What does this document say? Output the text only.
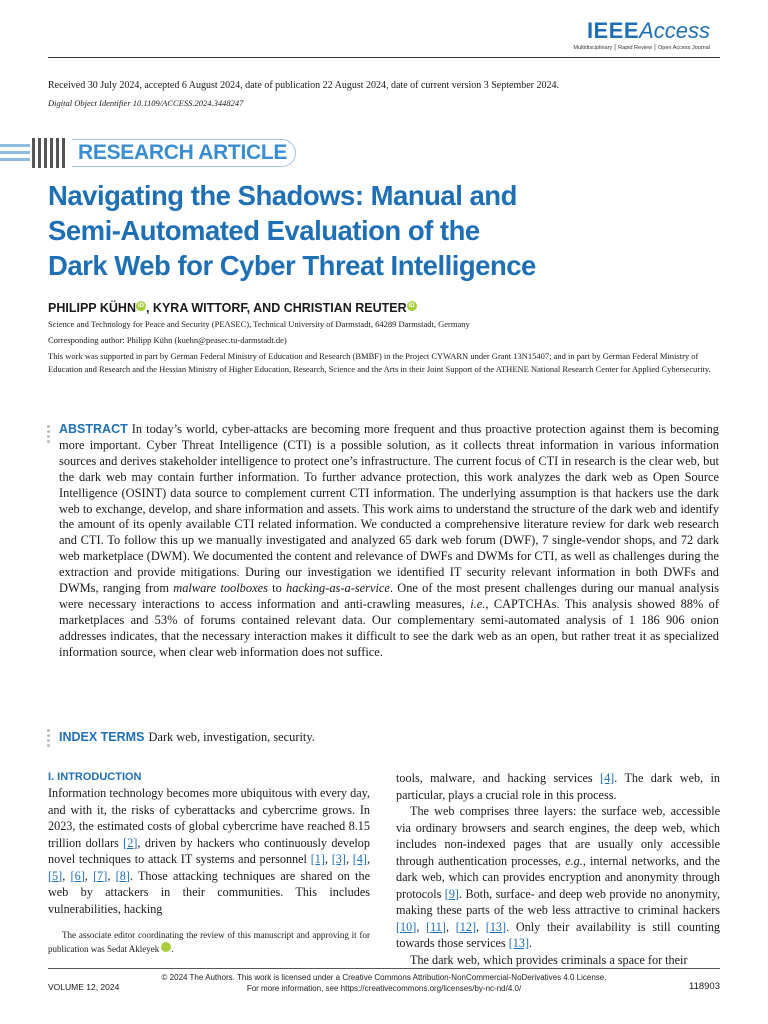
IEEEAccess
Multidisciplinary ⎮ Rapid Review ⎮ Open Access Journal
Received 30 July 2024, accepted 6 August 2024, date of publication 22 August 2024, date of current version 3 September 2024.
Digital Object Identifier 10.1109/ACCESS.2024.3448247
RESEARCH ARTICLE
Navigating the Shadows: Manual and
Semi-Automated Evaluation of the
Dark Web for Cyber Threat Intelligence
PHILIPP KÜHN iD , KYRA WITTORF, AND CHRISTIAN REUTER iD
Science and Technology for Peace and Security (PEASEC), Technical University of Darmstadt, 64289 Darmstadt, Germany
Corresponding author: Philipp Kühn (kuehn@peasec.tu-darmstadt.de)
This work was supported in part by German Federal Ministry of Education and Research (BMBF) in the Project CYWARN under Grant 13N15407; and in part by German Federal Ministry of Education and Research and the Hessian Ministry of Higher Education, Research, Science and the Arts in their Joint Support of the ATHENE National Research Center for Applied Cybersecurity.

ABSTRACT In today’s world, cyber-attacks are becoming more frequent and thus proactive protection against them is becoming more important. Cyber Threat Intelligence (CTI) is a possible solution, as it collects threat information in various information sources and derives stakeholder intelligence to protect one’s infrastructure. The current focus of CTI in research is the clear web, but the dark web may contain further information. To further advance protection, this work analyzes the dark web as Open Source Intelligence (OSINT) data source to complement current CTI information. The underlying assumption is that hackers use the dark web to exchange, develop, and share information and assets. This work aims to understand the structure of the dark web and identify the amount of its openly available CTI related information. We conducted a comprehensive literature review for dark web research and CTI. To follow this up we manually investigated and analyzed 65 dark web forum (DWF), 7 single-vendor shops, and 72 dark web marketplace (DWM). We documented the content and relevance of DWFs and DWMs for CTI, as well as challenges during the extraction and provide mitigations. During our investigation we identified IT security relevant information in both DWFs and DWMs, ranging from malware toolboxes to hacking-as-a-service. One of the most present challenges during our manual analysis were necessary interactions to access information and anti-crawling measures, i.e., CAPTCHAs. This analysis showed 88% of marketplaces and 53% of forums contained relevant data. Our complementary semi-automated analysis of 1 186 906 onion addresses indicates, that the necessary interaction makes it difficult to see the dark web as an open, but rather treat it as specialized information source, when clear web information does not suffice.

INDEX TERMS Dark web, investigation, security.
I. INTRODUCTION

Information technology becomes more ubiquitous with every day, and with it, the risks of cyberattacks and cybercrime grows. In 2023, the estimated costs of global cybercrime have reached 8.15 trillion dollars [2], driven by hackers who continuously develop novel techniques to attack IT systems and personnel [1], [3], [4], [5], [6], [7], [8]. Those attacking techniques are shared on the web by attackers in their communities. This includes vulnerabilities, hacking

The associate editor coordinating the review of this manuscript and approving it for publication was Sedat Akleyek	iD.

tools, malware, and hacking services [4]. The dark web, in particular, plays a crucial role in this process.

The web comprises three layers: the surface web, accessible via ordinary browsers and search engines, the deep web, which includes non-indexed pages that are usually only accessible through authentication processes, e.g., internal networks, and the dark web, which can provides encryption and anonymity through protocols [9]. Both, surface- and deep web provide no anonymity, making these parts of the web less attractive to criminal hackers [10], [11], [12], [13]. Only their availability is still counting towards those services [13].

The dark web, which provides criminals a space for their

© 2024 The Authors. This work is licensed under a Creative Commons Attribution-NonCommercial-NoDerivatives 4.0 License.
For more information, see https://creativecommons.org/licenses/by-nc-nd/4.0/
VOLUME 12, 2024	118903
